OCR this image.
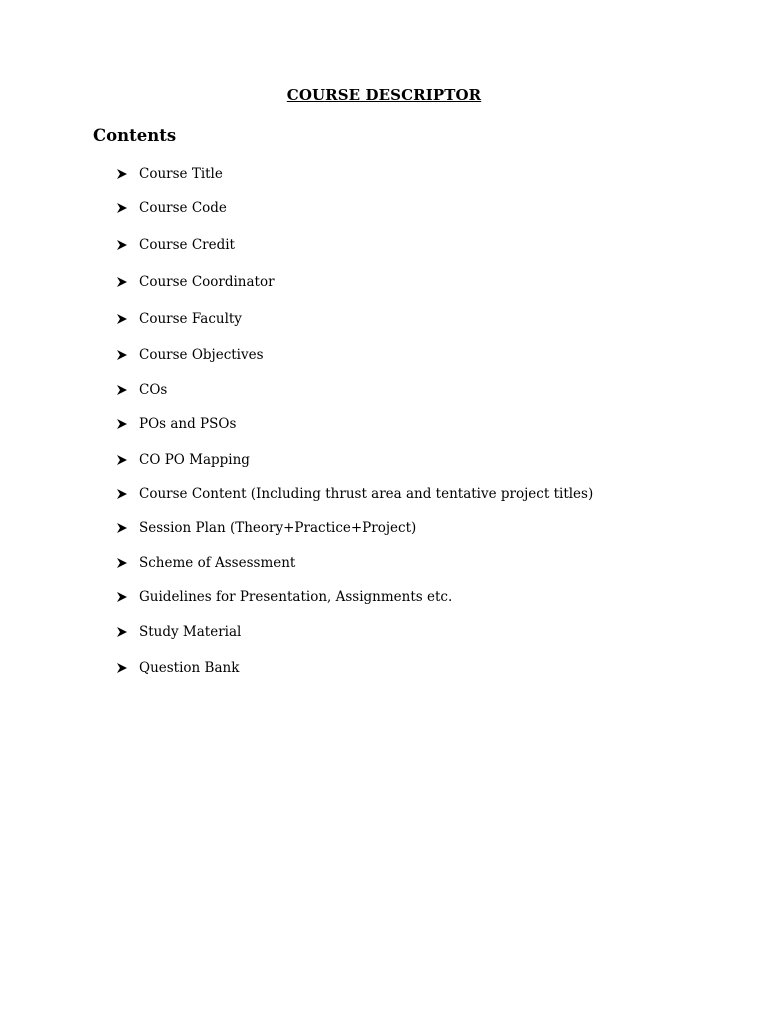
COURSE DESCRIPTOR
Contents
Course Title
Course Code
Course Credit
Course Coordinator
Course Faculty
Course Objectives
COs
POs and PSOs
CO PO Mapping
Course Content (Including thrust area and tentative project titles)
Session Plan (Theory+Practice+Project)
Scheme of Assessment
Guidelines for Presentation, Assignments etc.
Study Material
Question Bank
